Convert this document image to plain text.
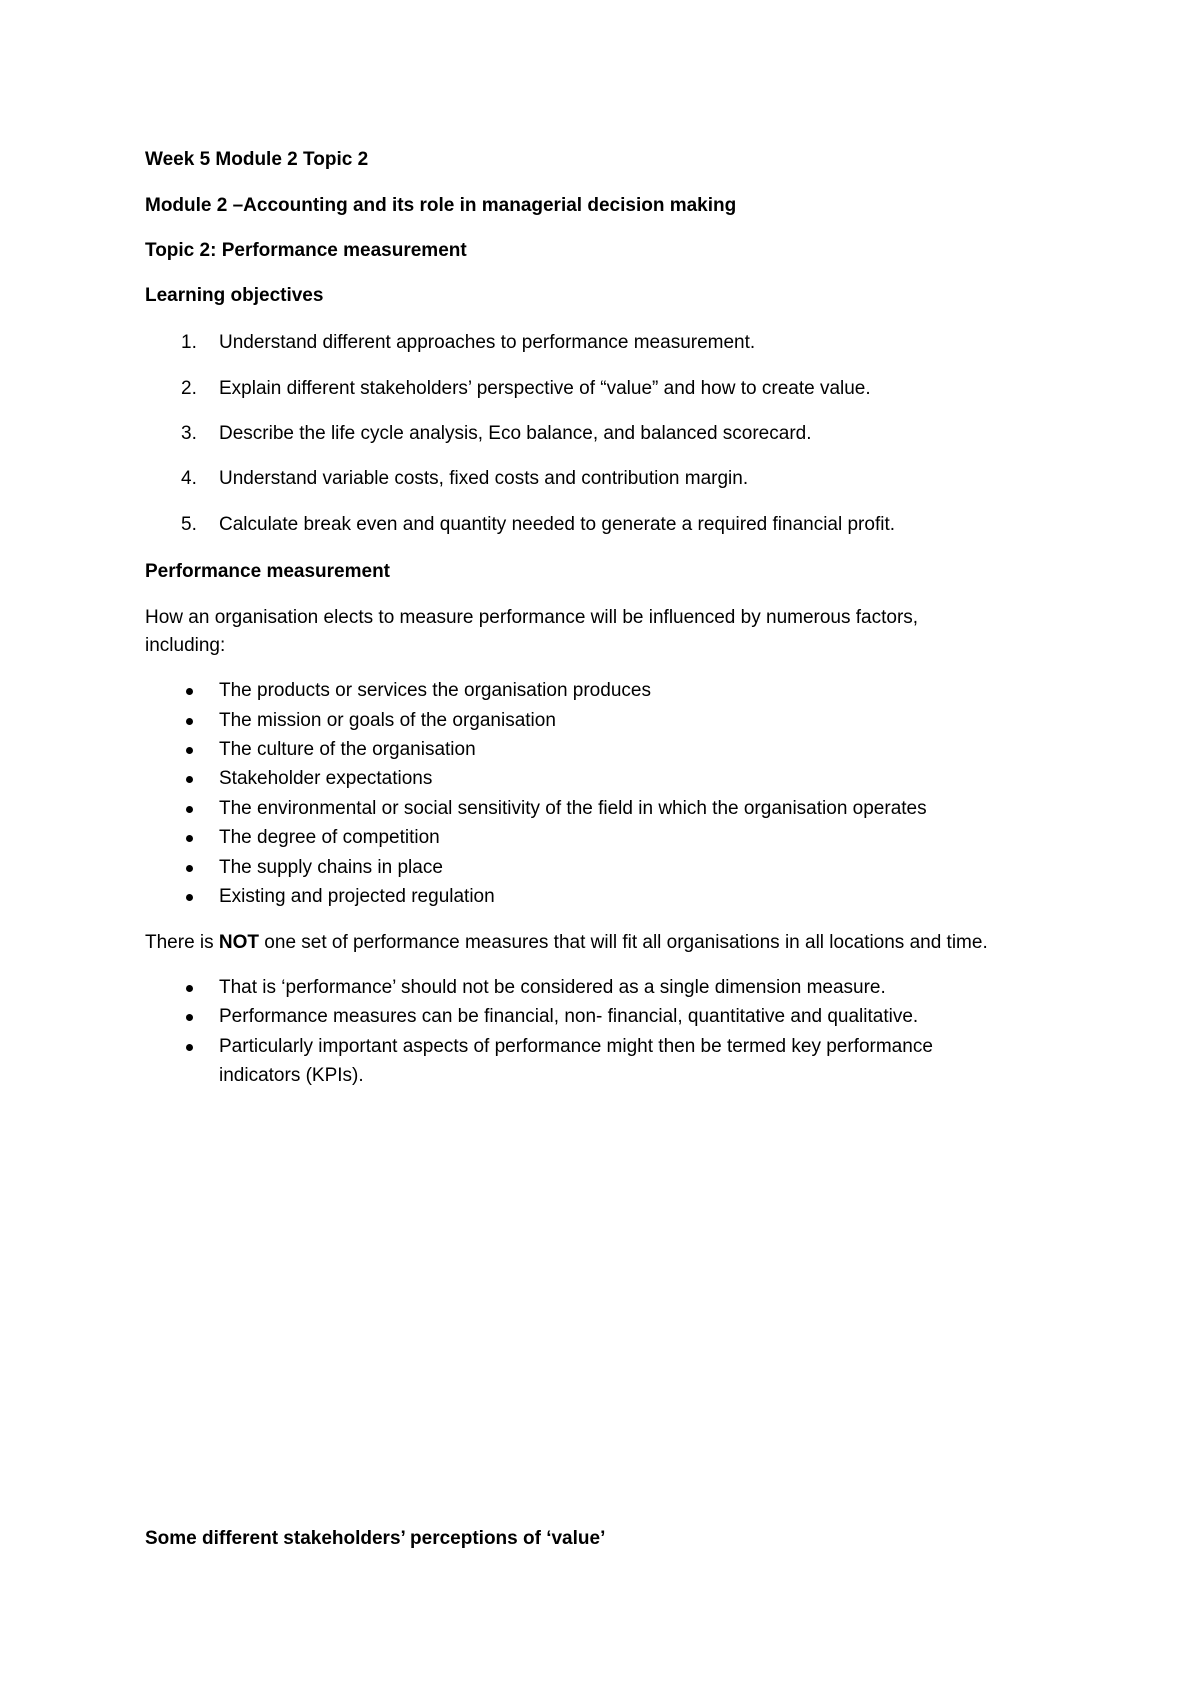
Week 5 Module 2 Topic 2
Module 2 –Accounting and its role in managerial decision making
Topic 2: Performance measurement
Learning objectives
1. Understand different approaches to performance measurement.
2. Explain different stakeholders’ perspective of “value” and how to create value.
3. Describe the life cycle analysis, Eco balance, and balanced scorecard.
4. Understand variable costs, fixed costs and contribution margin.
5. Calculate break even and quantity needed to generate a required financial profit.
Performance measurement
How an organisation elects to measure performance will be influenced by numerous factors,
including:
The products or services the organisation produces
The mission or goals of the organisation
The culture of the organisation
Stakeholder expectations
The environmental or social sensitivity of the field in which the organisation operates
The degree of competition
The supply chains in place
Existing and projected regulation
There is NOT one set of performance measures that will fit all organisations in all locations and time.
That is ‘performance’ should not be considered as a single dimension measure.
Performance measures can be financial, non- financial, quantitative and qualitative.
Particularly important aspects of performance might then be termed key performance
indicators (KPIs).
Some different stakeholders’ perceptions of ‘value’
